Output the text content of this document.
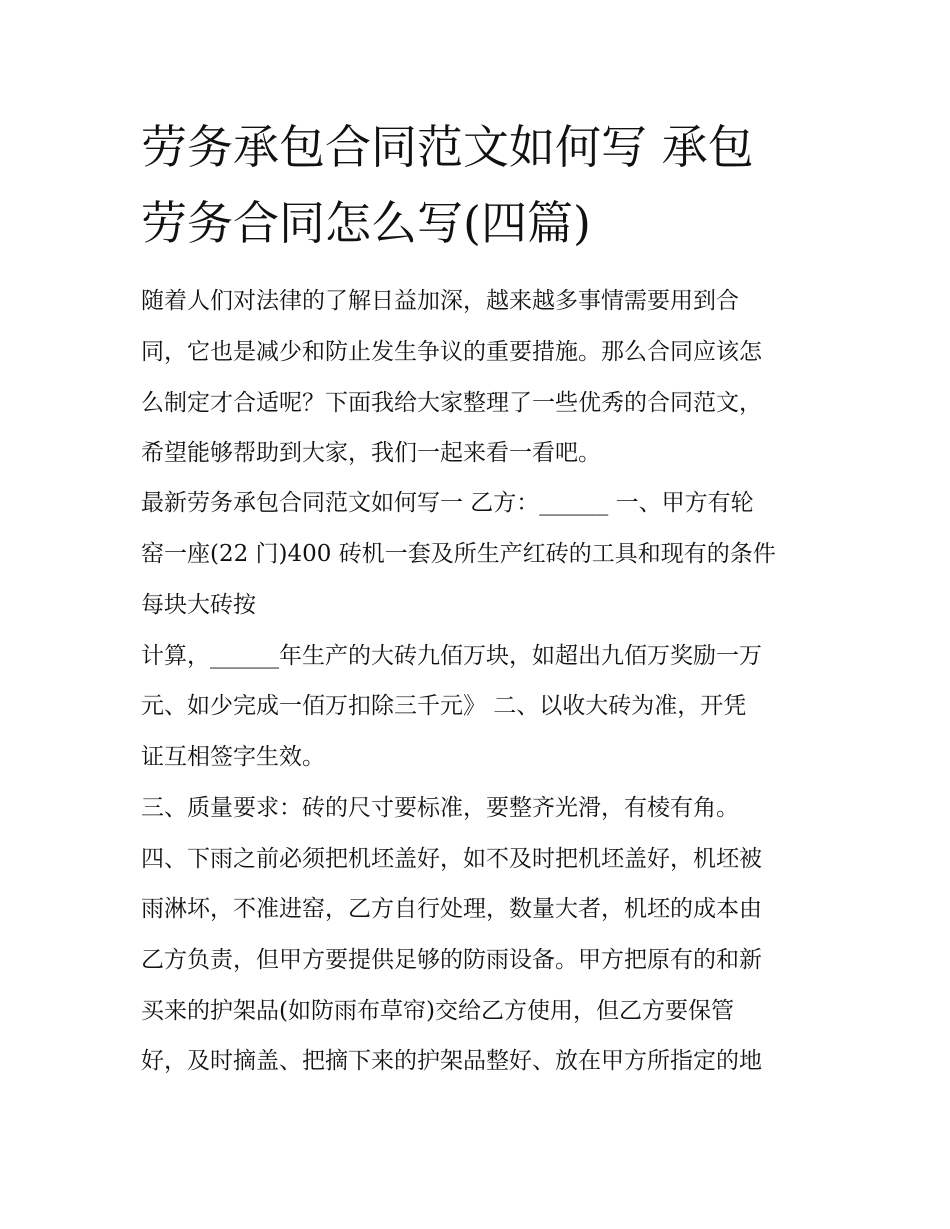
劳务承包合同范文如何写 承包
劳务合同怎么写(四篇)
随着人们对法律的了解日益加深，越来越多事情需要用到合
同，它也是减少和防止发生争议的重要措施。那么合同应该怎
么制定才合适呢？下面我给大家整理了一些优秀的合同范文，
希望能够帮助到大家，我们一起来看一看吧。
最新劳务承包合同范文如何写一 乙方：______ 一、甲方有轮
窑一座(22 门)400 砖机一套及所生产红砖的工具和现有的条件
每块大砖按
计算，______年生产的大砖九佰万块，如超出九佰万奖励一万
元、如少完成一佰万扣除三千元》 二、以收大砖为准，开凭
证互相签字生效。
三、质量要求：砖的尺寸要标准，要整齐光滑，有棱有角。
四、下雨之前必须把机坯盖好，如不及时把机坯盖好，机坯被
雨淋坏，不准进窑，乙方自行处理，数量大者，机坯的成本由
乙方负责，但甲方要提供足够的防雨设备。甲方把原有的和新
买来的护架品(如防雨布草帘)交给乙方使用，但乙方要保管
好，及时摘盖、把摘下来的护架品整好、放在甲方所指定的地
